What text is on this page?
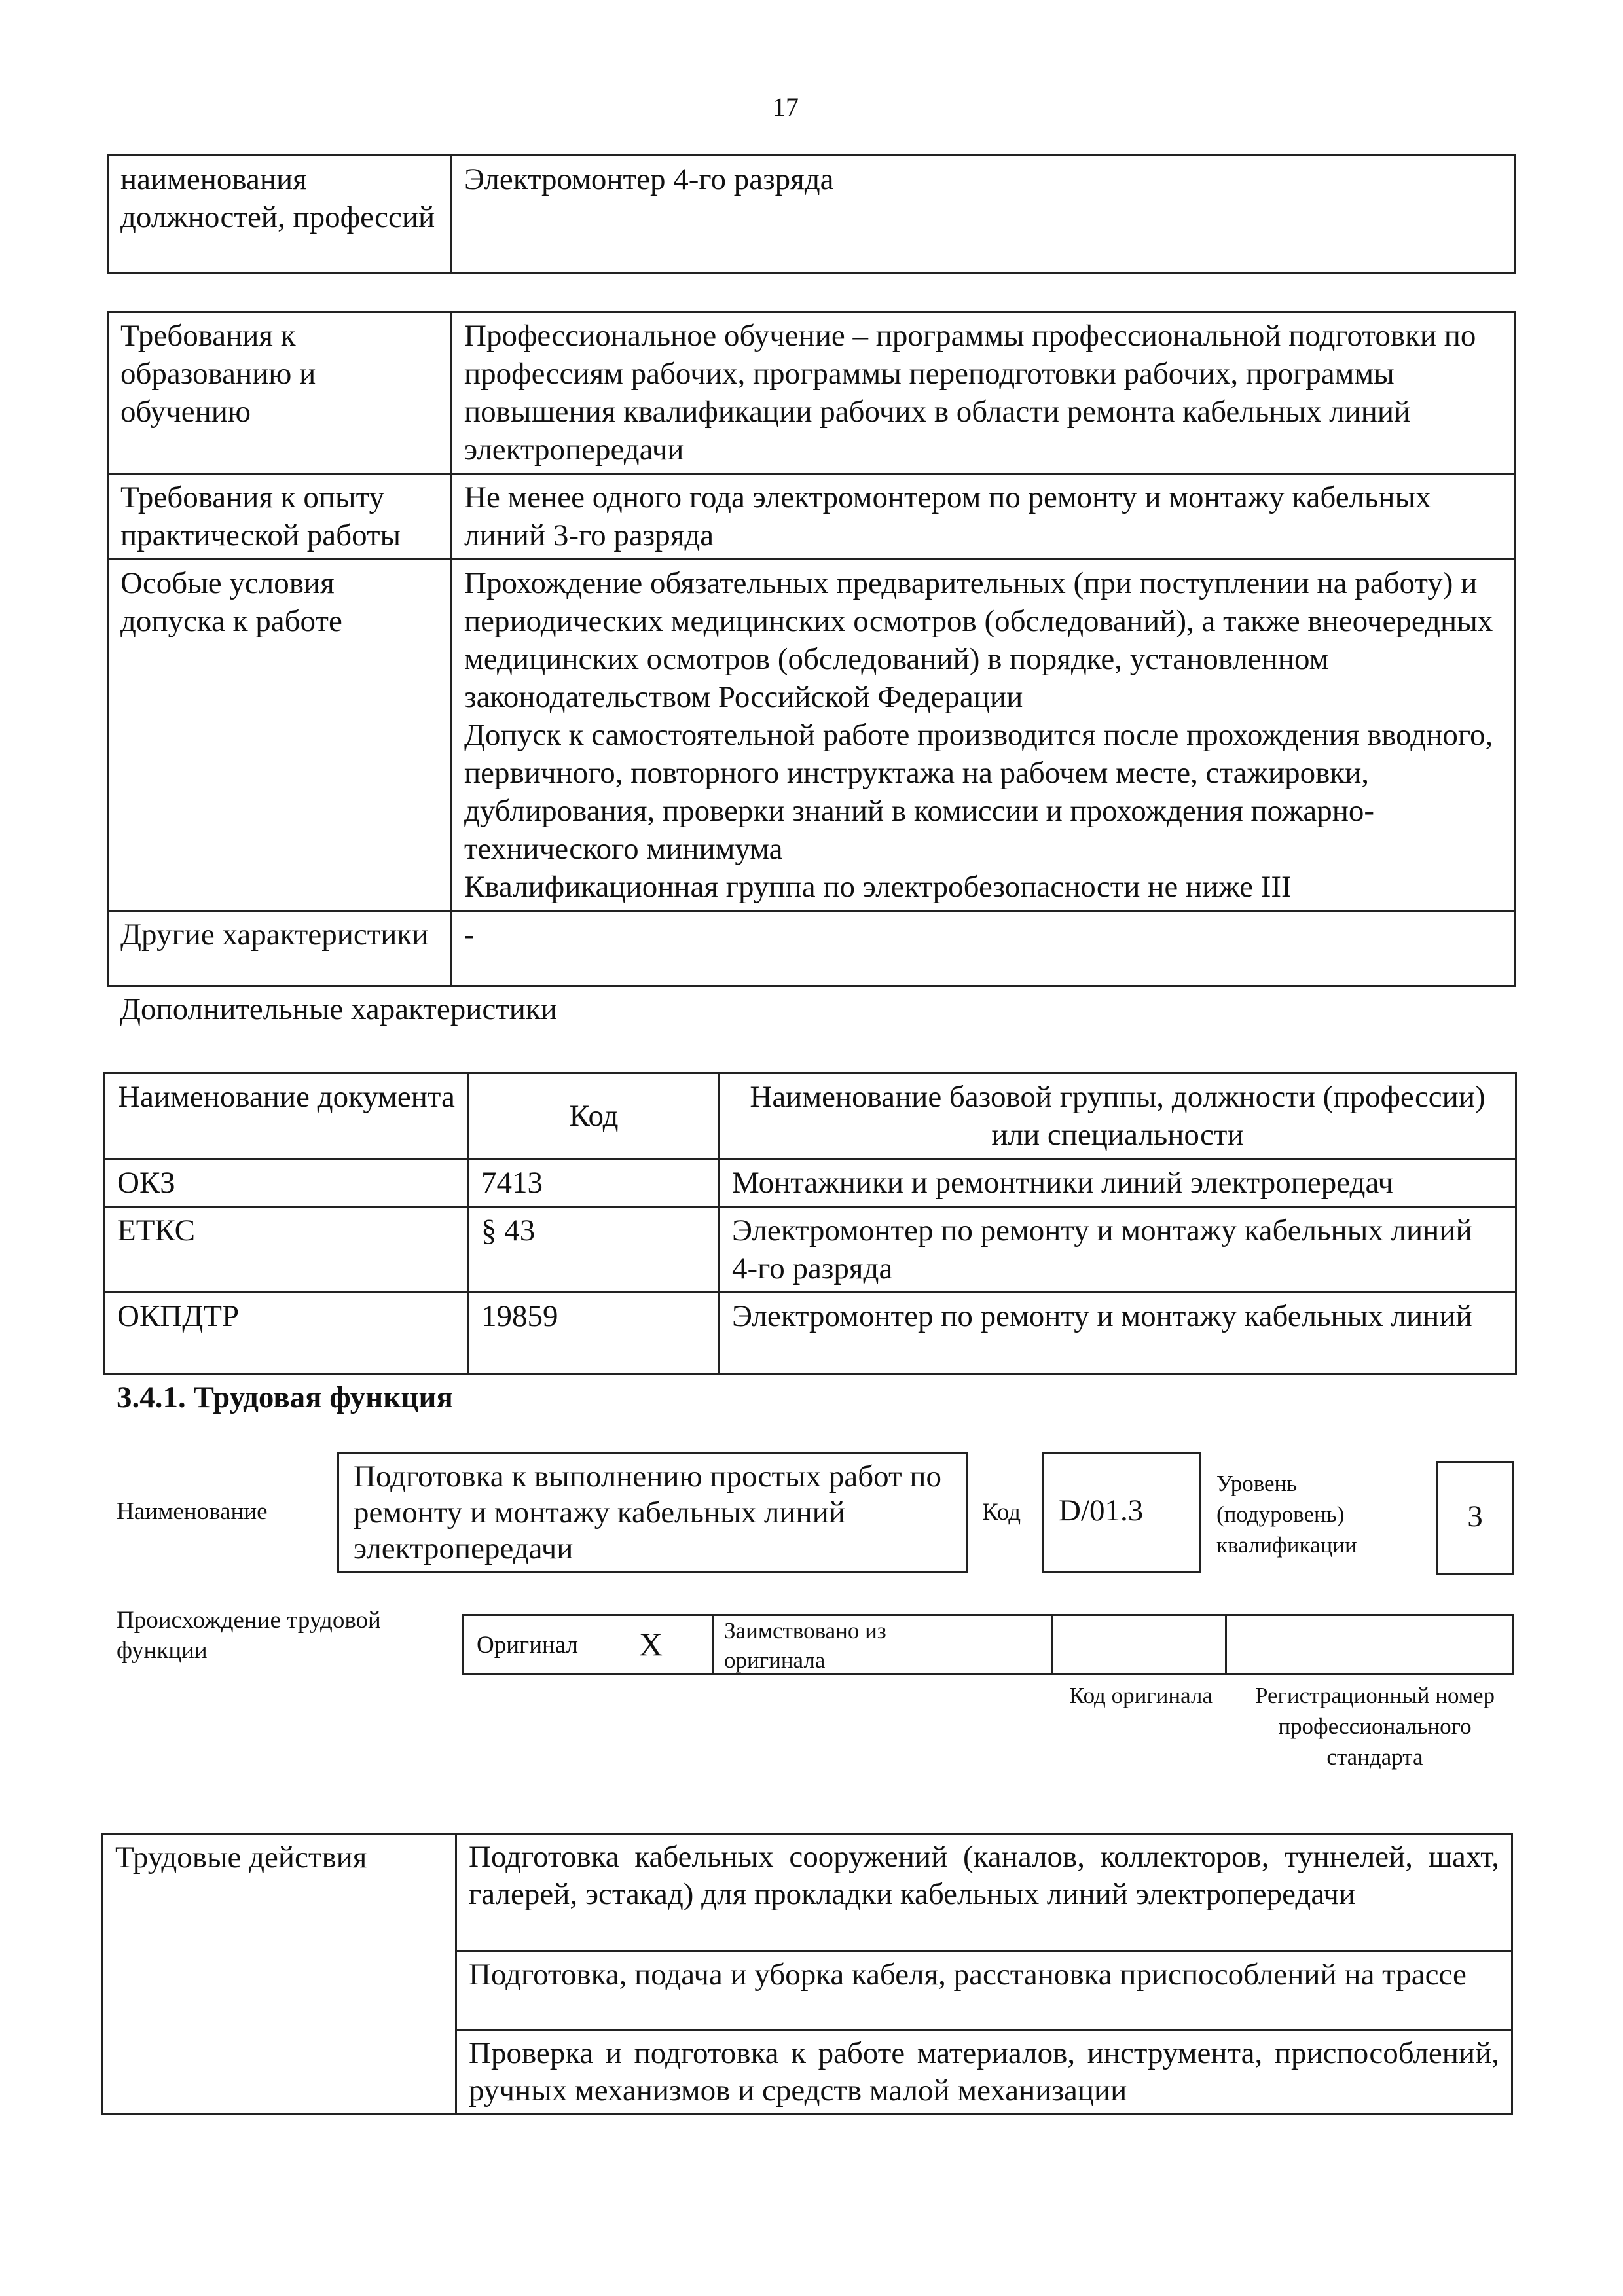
17
наименования должностей, профессий	Электромонтер 4-го разряда
Требования к образованию и обучению	Профессиональное обучение – программы профессиональной подготовки по профессиям рабочих, программы переподготовки рабочих, программы повышения квалификации рабочих в области ремонта кабельных линий электропередачи

Требования к опыту практической работы	Не менее одного года электромонтером по ремонту и монтажу кабельных линий 3-го разряда

Особые условия допуска к работе	Прохождение обязательных предварительных (при поступлении на работу) и периодических медицинских осмотров (обследований), а также внеочередных медицинских осмотров (обследований) в порядке, установленном законодательством Российской Федерации
Допуск к самостоятельной работе производится после прохождения вводного, первичного, повторного инструктажа на рабочем месте, стажировки, дублирования, проверки знаний в комиссии и прохождения пожарно-технического минимума
Квалификационная группа по электробезопасности не ниже III

Другие характеристики	-
Дополнительные характеристики
Наименование документа	Код	Наименование базовой группы, должности (профессии) или специальности
ОКЗ	7413	Монтажники и ремонтники линий электропередач
ЕТКС	§ 43	Электромонтер по ремонту и монтажу кабельных линий 4-го разряда
ОКПДТР	19859	Электромонтер по ремонту и монтажу кабельных линий
3.4.1. Трудовая функция
Наименование
Подготовка к выполнению простых работ по ремонту и монтажу кабельных линий электропередачи
Код D/01.3
Уровень (подуровень) квалификации
3
Происхождение трудовой функции	Оригинал X	Заимствовано из оригинала
Код оригинала	Регистрационный номер профессионального стандарта
Трудовые действия	Подготовка кабельных сооружений (каналов, коллекторов, туннелей, шахт, галерей, эстакад) для прокладки кабельных линий электропередачи
Подготовка, подача и уборка кабеля, расстановка приспособлений на трассе
Проверка и подготовка к работе материалов, инструмента, приспособлений, ручных механизмов и средств малой механизации
